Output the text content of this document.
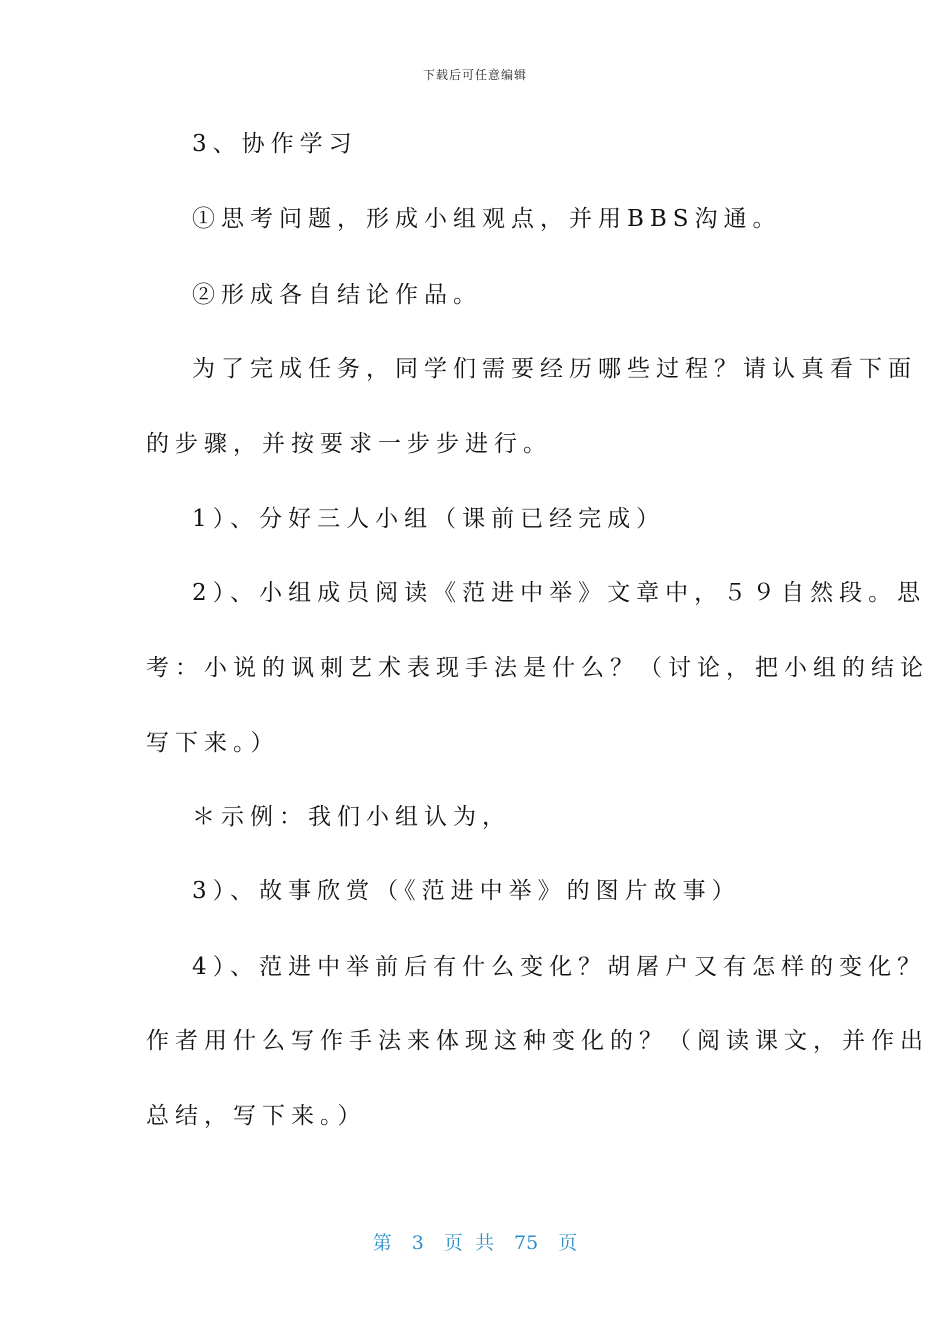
下载后可任意编辑
3、协作学习
①思考问题，形成小组观点，并用BBS沟通。
②形成各自结论作品。
为了完成任务，同学们需要经历哪些过程？请认真看下面
的步骤，并按要求一步步进行。
1）、分好三人小组（课前已经完成）
2）、小组成员阅读《范进中举》文章中，５９自然段。思
考：小说的讽刺艺术表现手法是什么？（讨论，把小组的结论
写下来。）
＊示例：我们小组认为，
3）、故事欣赏（《范进中举》的图片故事）
4）、范进中举前后有什么变化？胡屠户又有怎样的变化？
作者用什么写作手法来体现这种变化的？（阅读课文，并作出
总结，写下来。）
第 3 页 共 75 页
